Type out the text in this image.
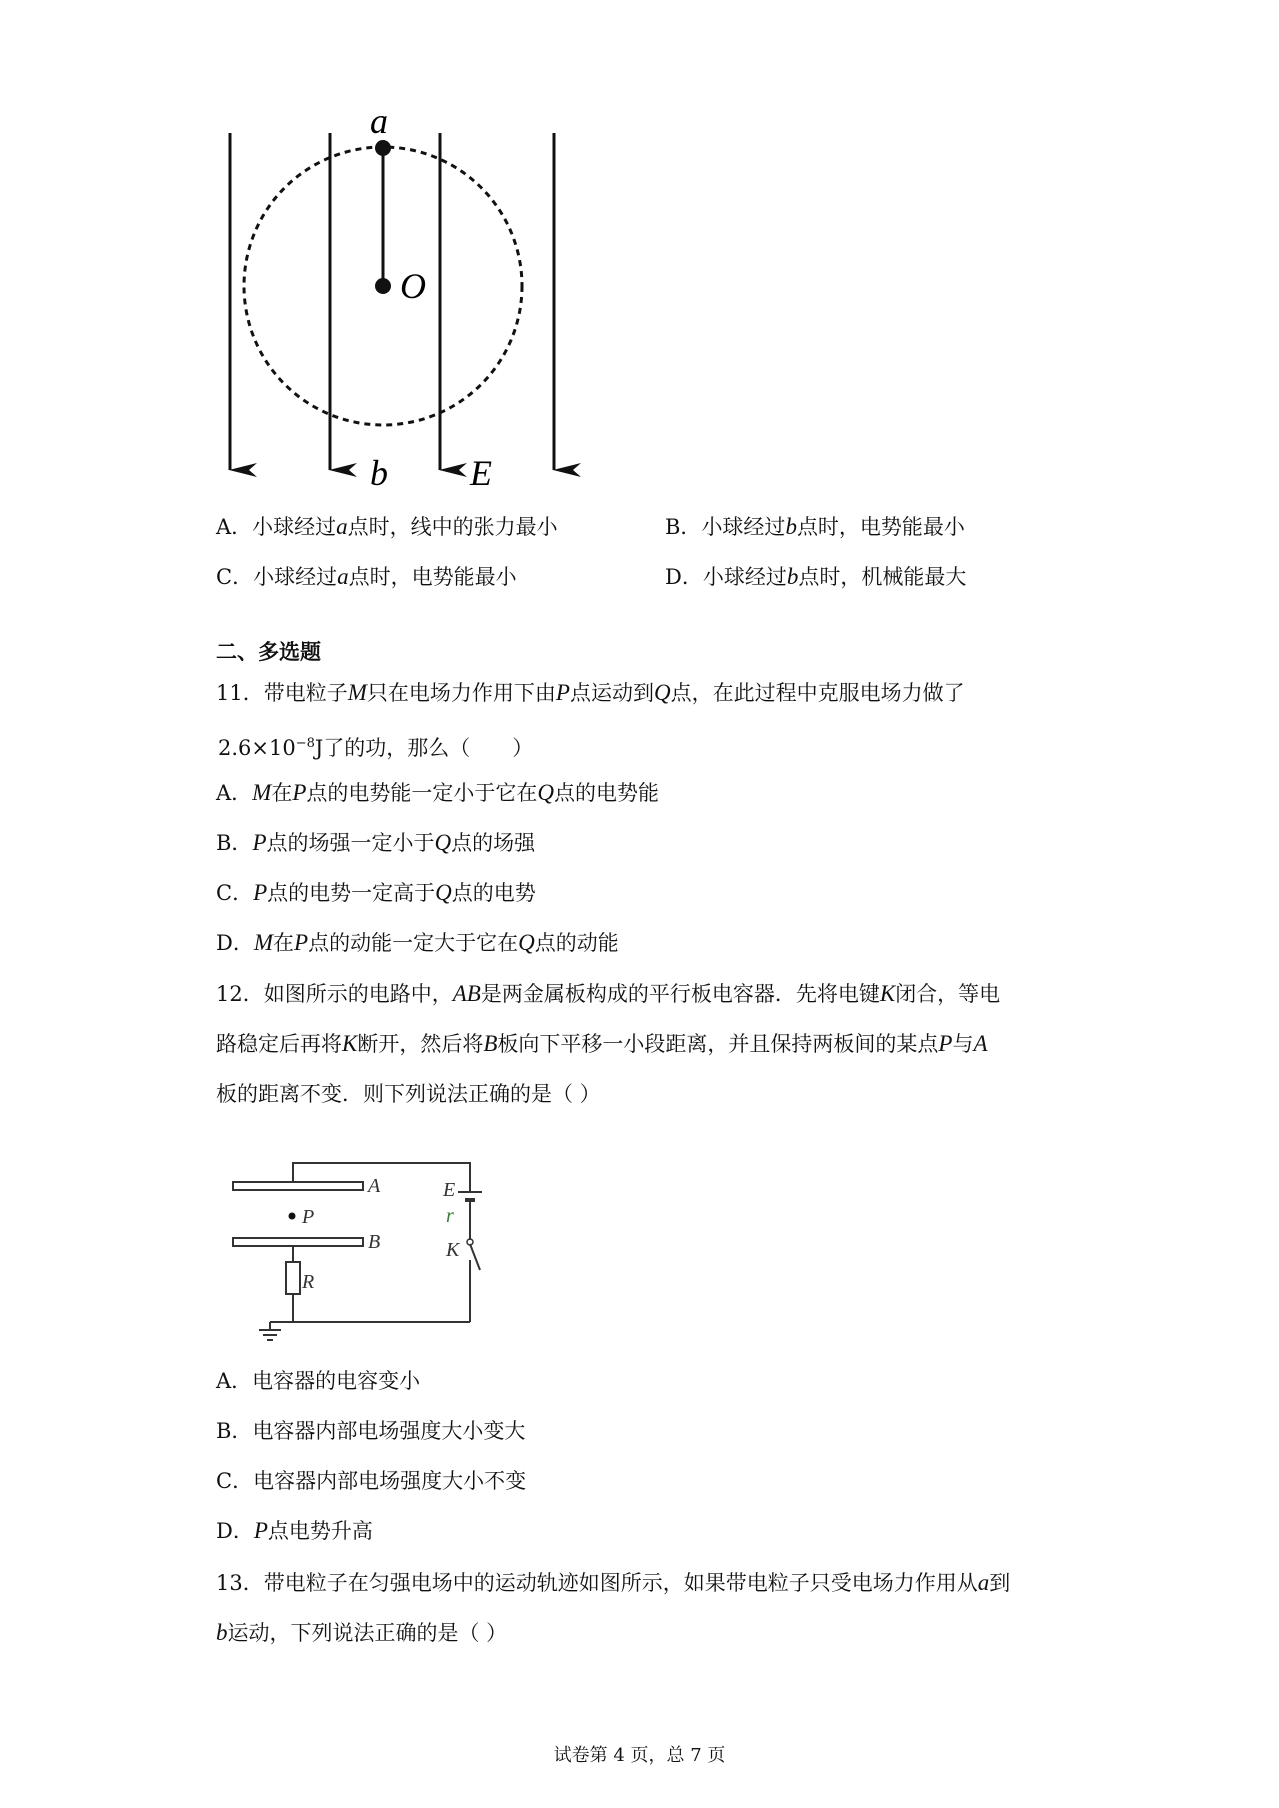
a
O
b E
A．小球经过a点时，线中的张力最小	B．小球经过b点时，电势能最小
C．小球经过a点时，电势能最小	D．小球经过b点时，机械能最大
二、多选题
11．带电粒子M只在电场力作用下由P点运动到Q点，在此过程中克服电场力做了
$2.6\times 10^{-8}J$了的功，那么（　　）
A．M在P点的电势能一定小于它在Q点的电势能
B．P点的场强一定小于Q点的场强
C．P点的电势一定高于Q点的电势
D．M在P点的动能一定大于它在Q点的动能
12．如图所示的电路中，AB是两金属板构成的平行板电容器．先将电键K闭合，等电
路稳定后再将K断开，然后将B板向下平移一小段距离，并且保持两板间的某点P与A
板的距离不变．则下列说法正确的是（ ）
A
P
B
R
E
r
K
A．电容器的电容变小
B．电容器内部电场强度大小变大
C．电容器内部电场强度大小不变
D．P点电势升高
13．带电粒子在匀强电场中的运动轨迹如图所示，如果带电粒子只受电场力作用从a到
b运动，下列说法正确的是（ ）
试卷第 4 页，总 7 页
